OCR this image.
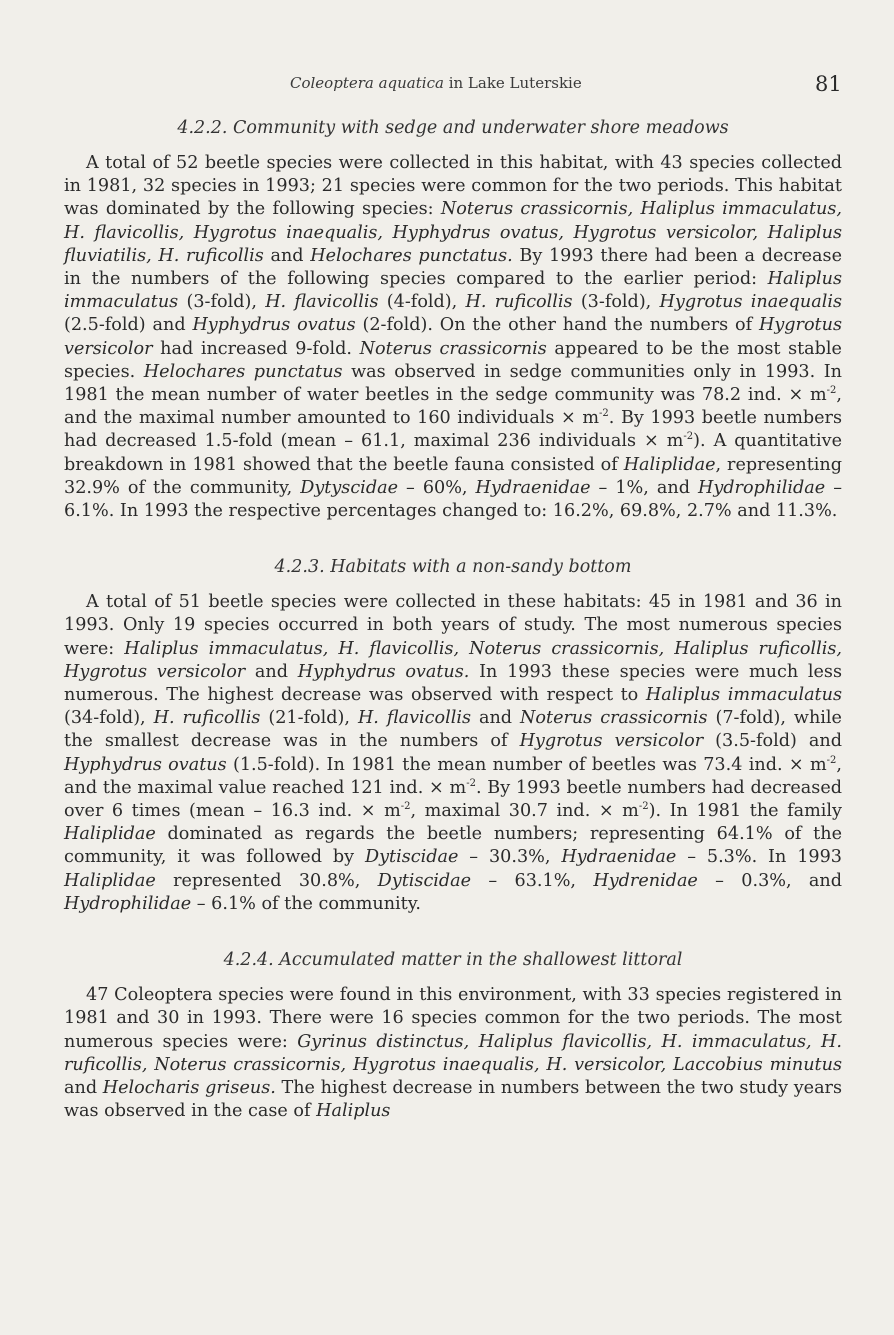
Coleoptera aquatica in Lake Luterskie	81
4.2.2. Community with sedge and underwater shore meadows

A total of 52 beetle species were collected in this habitat, with 43 species collected in 1981, 32 species in 1993; 21 species were common for the two periods. This habitat was dominated by the following species: Noterus crassicornis, Haliplus immaculatus, H. flavicollis, Hygrotus inaequalis, Hyphydrus ovatus, Hygrotus versicolor, Haliplus fluviatilis, H. ruficollis and Helochares punctatus. By 1993 there had been a decrease in the numbers of the following species compared to the earlier period: Haliplus immaculatus (3-fold), H. flavicollis (4-fold), H. ruficollis (3-fold), Hygrotus inaequalis (2.5-fold) and Hyphydrus ovatus (2-fold). On the other hand the numbers of Hygrotus versicolor had increased 9-fold. Noterus crassicornis appeared to be the most stable species. Helochares punctatus was observed in sedge communities only in 1993. In 1981 the mean number of water beetles in the sedge community was 78.2 ind. × $m^{-2}$, and the maximal number amounted to 160 individuals × $m^{-2}$. By 1993 beetle numbers had decreased 1.5-fold (mean – 61.1, maximal 236 individuals × $m^{-2}$). A quantitative breakdown in 1981 showed that the beetle fauna consisted of Haliplidae, representing 32.9% of the community, Dytyscidae – 60%, Hydraenidae – 1%, and Hydrophilidae – 6.1%. In 1993 the respective percentages changed to: 16.2%, 69.8%, 2.7% and 11.3%.

4.2.3. Habitats with a non-sandy bottom

A total of 51 beetle species were collected in these habitats: 45 in 1981 and 36 in 1993. Only 19 species occurred in both years of study. The most numerous species were: Haliplus immaculatus, H. flavicollis, Noterus crassicornis, Haliplus ruficollis, Hygrotus versicolor and Hyphydrus ovatus. In 1993 these species were much less numerous. The highest decrease was observed with respect to Haliplus immaculatus (34-fold), H. ruficollis (21-fold), H. flavicollis and Noterus crassicornis (7-fold), while the smallest decrease was in the numbers of Hygrotus versicolor (3.5-fold) and Hyphydrus ovatus (1.5-fold). In 1981 the mean number of beetles was 73.4 ind. × $m^{-2}$, and the maximal value reached 121 ind. × $m^{-2}$. By 1993 beetle numbers had decreased over 6 times (mean – 16.3 ind. × $m^{-2}$, maximal 30.7 ind. × $m^{-2}$). In 1981 the family Haliplidae dominated as regards the beetle numbers; representing 64.1% of the community, it was followed by Dytiscidae – 30.3%, Hydraenidae – 5.3%. In 1993 Haliplidae represented 30.8%, Dytiscidae – 63.1%, Hydrenidae – 0.3%, and Hydrophilidae – 6.1% of the community.

4.2.4. Accumulated matter in the shallowest littoral

47 Coleoptera species were found in this environment, with 33 species registered in 1981 and 30 in 1993. There were 16 species common for the two periods. The most numerous species were: Gyrinus distinctus, Haliplus flavicollis, H. immaculatus, H. ruficollis, Noterus crassicornis, Hygrotus inaequalis, H. versicolor, Laccobius minutus and Helocharis griseus. The highest decrease in numbers between the two study years was observed in the case of Haliplus
